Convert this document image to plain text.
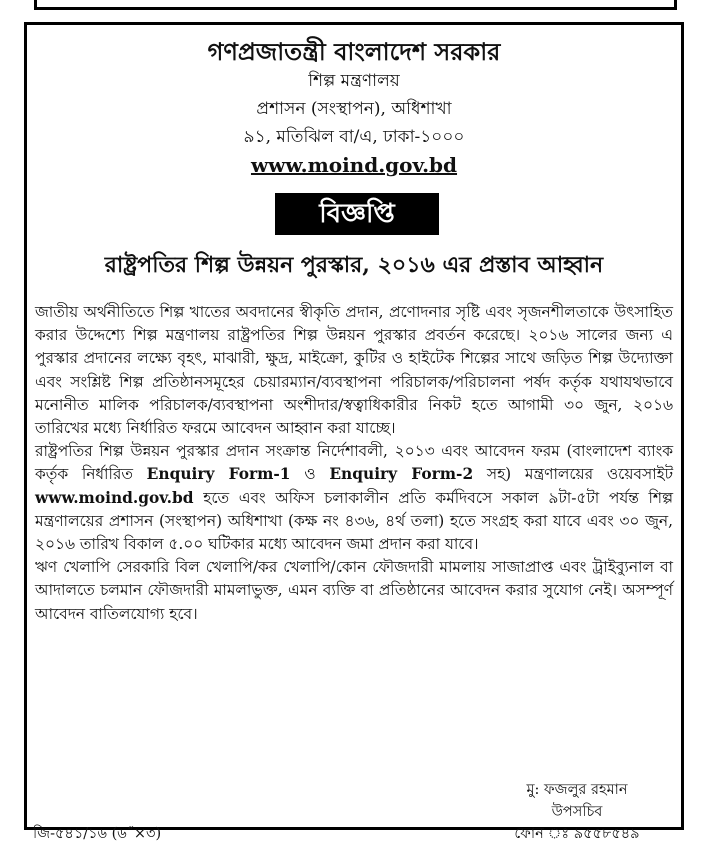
গণপ্রজাতন্ত্রী বাংলাদেশ সরকার
শিল্প মন্ত্রণালয়
প্রশাসন (সংস্থাপন), অধিশাখা
৯১, মতিঝিল বা/এ, ঢাকা-১০০০
www.moind.gov.bd
বিজ্ঞপ্তি
রাষ্ট্রপতির শিল্প উন্নয়ন পুরস্কার, ২০১৬ এর প্রস্তাব আহ্বান

জাতীয় অর্থনীতিতে শিল্প খাতের অবদানের স্বীকৃতি প্রদান, প্রণোদনার সৃষ্টি এবং সৃজনশীলতাকে উৎসাহিত করার উদ্দেশ্যে শিল্প মন্ত্রণালয় রাষ্ট্রপতির শিল্প উন্নয়ন পুরস্কার প্রবর্তন করেছে। ২০১৬ সালের জন্য এ পুরস্কার প্রদানের লক্ষ্যে বৃহৎ, মাঝারী, ক্ষুদ্র, মাইক্রো, কুটির ও হাইটেক শিল্পের সাথে জড়িত শিল্প উদ্যোক্তা এবং সংশ্লিষ্ট শিল্প প্রতিষ্ঠানসমূহের চেয়ারম্যান/ব্যবস্থাপনা পরিচালক/পরিচালনা পর্ষদ কর্তৃক যথাযথভাবে মনোনীত মালিক পরিচালক/ব্যবস্থাপনা অংশীদার/স্বত্বাধিকারীর নিকট হতে আগামী ৩০ জুন, ২০১৬ তারিখের মধ্যে নির্ধারিত ফরমে আবেদন আহ্বান করা যাচ্ছে।

রাষ্ট্রপতির শিল্প উন্নয়ন পুরস্কার প্রদান সংক্রান্ত নির্দেশাবলী, ২০১৩ এবং আবেদন ফরম (বাংলাদেশ ব্যাংক কর্তৃক নির্ধারিত Enquiry Form-1 ও Enquiry Form-2 সহ) মন্ত্রণালয়ের ওয়েবসাইট www.moind.gov.bd হতে এবং অফিস চলাকালীন প্রতি কর্মদিবসে সকাল ৯টা-৫টা পর্যন্ত শিল্প মন্ত্রণালয়ের প্রশাসন (সংস্থাপন) অধিশাখা (কক্ষ নং ৪৩৬, ৪র্থ তলা) হতে সংগ্রহ করা যাবে এবং ৩০ জুন, ২০১৬ তারিখ বিকাল ৫.০০ ঘটিকার মধ্যে আবেদন জমা প্রদান করা যাবে।

ঋণ খেলাপি সেরকারি বিল খেলাপি/কর খেলাপি/কোন ফৌজদারী মামলায় সাজাপ্রাপ্ত এবং ট্রাইব্যুনাল বা আদালতে চলমান ফৌজদারী মামলাভুক্ত, এমন ব্যক্তি বা প্রতিষ্ঠানের আবেদন করার সুযোগ নেই। অসম্পূর্ণ আবেদন বাতিলযোগ্য হবে।

মু: ফজলুর রহমান
উপসচিব
জি-৫৪১/১৬ (৬˝×৩)	ফোন ঃ ৯৫৫৮৫৪৯
